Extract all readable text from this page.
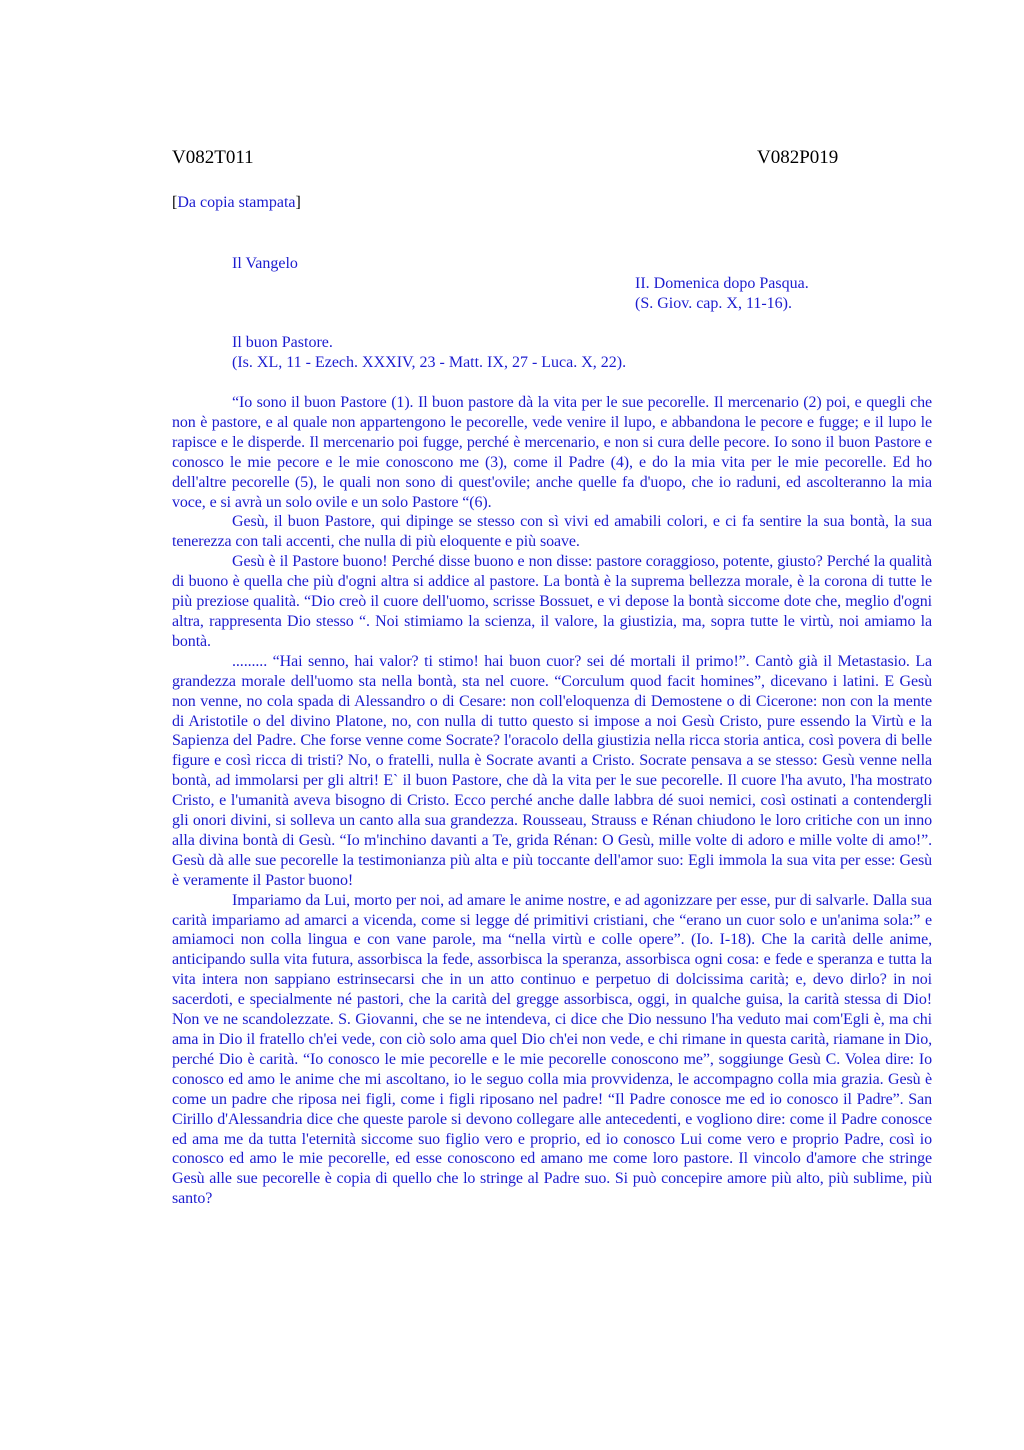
V082T011	V082P019
[Da copia stampata]
Il Vangelo
II. Domenica dopo Pasqua.
(S. Giov. cap. X, 11-16).
Il buon Pastore.
(Is. XL, 11 - Ezech. XXXIV, 23 - Matt. IX, 27 - Luca. X, 22).

“Io sono il buon Pastore (1). Il buon pastore dà la vita per le sue pecorelle. Il mercenario (2) poi, e quegli che non è pastore, e al quale non appartengono le pecorelle, vede venire il lupo, e abbandona le pecore e fugge; e il lupo le rapisce e le disperde. Il mercenario poi fugge, perché è mercenario, e non si cura delle pecore. Io sono il buon Pastore e conosco le mie pecore e le mie conoscono me (3), come il Padre (4), e do la mia vita per le mie pecorelle. Ed ho dell'altre pecorelle (5), le quali non sono di quest'ovile; anche quelle fa d'uopo, che io raduni, ed ascolteranno la mia voce, e si avrà un solo ovile e un solo Pastore “(6).

Gesù, il buon Pastore, qui dipinge se stesso con sì vivi ed amabili colori, e ci fa sentire la sua bontà, la sua tenerezza con tali accenti, che nulla di più eloquente e più soave.

Gesù è il Pastore buono! Perché disse buono e non disse: pastore coraggioso, potente, giusto? Perché la qualità di buono è quella che più d'ogni altra si addice al pastore. La bontà è la suprema bellezza morale, è la corona di tutte le più preziose qualità. “Dio creò il cuore dell'uomo, scrisse Bossuet, e vi depose la bontà siccome dote che, meglio d'ogni altra, rappresenta Dio stesso “. Noi stimiamo la scienza, il valore, la giustizia, ma, sopra tutte le virtù, noi amiamo la bontà.

......... “Hai senno, hai valor? ti stimo! hai buon cuor? sei dé mortali il primo!”. Cantò già il Metastasio. La grandezza morale dell'uomo sta nella bontà, sta nel cuore. “Corculum quod facit homines”, dicevano i latini. E Gesù non venne, no cola spada di Alessandro o di Cesare: non coll'eloquenza di Demostene o di Cicerone: non con la mente di Aristotile o del divino Platone, no, con nulla di tutto questo si impose a noi Gesù Cristo, pure essendo la Virtù e la Sapienza del Padre. Che forse venne come Socrate? l'oracolo della giustizia nella ricca storia antica, così povera di belle figure e così ricca di tristi? No, o fratelli, nulla è Socrate avanti a Cristo. Socrate pensava a se stesso: Gesù venne nella bontà, ad immolarsi per gli altri! E` il buon Pastore, che dà la vita per le sue pecorelle. Il cuore l'ha avuto, l'ha mostrato Cristo, e l'umanità aveva bisogno di Cristo. Ecco perché anche dalle labbra dé suoi nemici, così ostinati a contendergli gli onori divini, si solleva un canto alla sua grandezza. Rousseau, Strauss e Rénan chiudono le loro critiche con un inno alla divina bontà di Gesù. “Io m'inchino davanti a Te, grida Rénan: O Gesù, mille volte di adoro e mille volte di amo!”. Gesù dà alle sue pecorelle la testimonianza più alta e più toccante dell'amor suo: Egli immola la sua vita per esse: Gesù è veramente il Pastor buono!

Impariamo da Lui, morto per noi, ad amare le anime nostre, e ad agonizzare per esse, pur di salvarle. Dalla sua carità impariamo ad amarci a vicenda, come si legge dé primitivi cristiani, che “erano un cuor solo e un'anima sola:” e amiamoci non colla lingua e con vane parole, ma “nella virtù e colle opere”. (Io. I-18). Che la carità delle anime, anticipando sulla vita futura, assorbisca la fede, assorbisca la speranza, assorbisca ogni cosa: e fede e speranza e tutta la vita intera non sappiano estrinsecarsi che in un atto continuo e perpetuo di dolcissima carità; e, devo dirlo? in noi sacerdoti, e specialmente né pastori, che la carità del gregge assorbisca, oggi, in qualche guisa, la carità stessa di Dio! Non ve ne scandolezzate. S. Giovanni, che se ne intendeva, ci dice che Dio nessuno l'ha veduto mai com'Egli è, ma chi ama in Dio il fratello ch'ei vede, con ciò solo ama quel Dio ch'ei non vede, e chi rimane in questa carità, riamane in Dio, perché Dio è carità. “Io conosco le mie pecorelle e le mie pecorelle conoscono me”, soggiunge Gesù C. Volea dire: Io conosco ed amo le anime che mi ascoltano, io le seguo colla mia provvidenza, le accompagno colla mia grazia. Gesù è come un padre che riposa nei figli, come i figli riposano nel padre! “Il Padre conosce me ed io conosco il Padre”. San Cirillo d'Alessandria dice che queste parole si devono collegare alle antecedenti, e vogliono dire: come il Padre conosce ed ama me da tutta l'eternità siccome suo figlio vero e proprio, ed io conosco Lui come vero e proprio Padre, così io conosco ed amo le mie pecorelle, ed esse conoscono ed amano me come loro pastore. Il vincolo d'amore che stringe Gesù alle sue pecorelle è copia di quello che lo stringe al Padre suo. Si può concepire amore più alto, più sublime, più santo?
